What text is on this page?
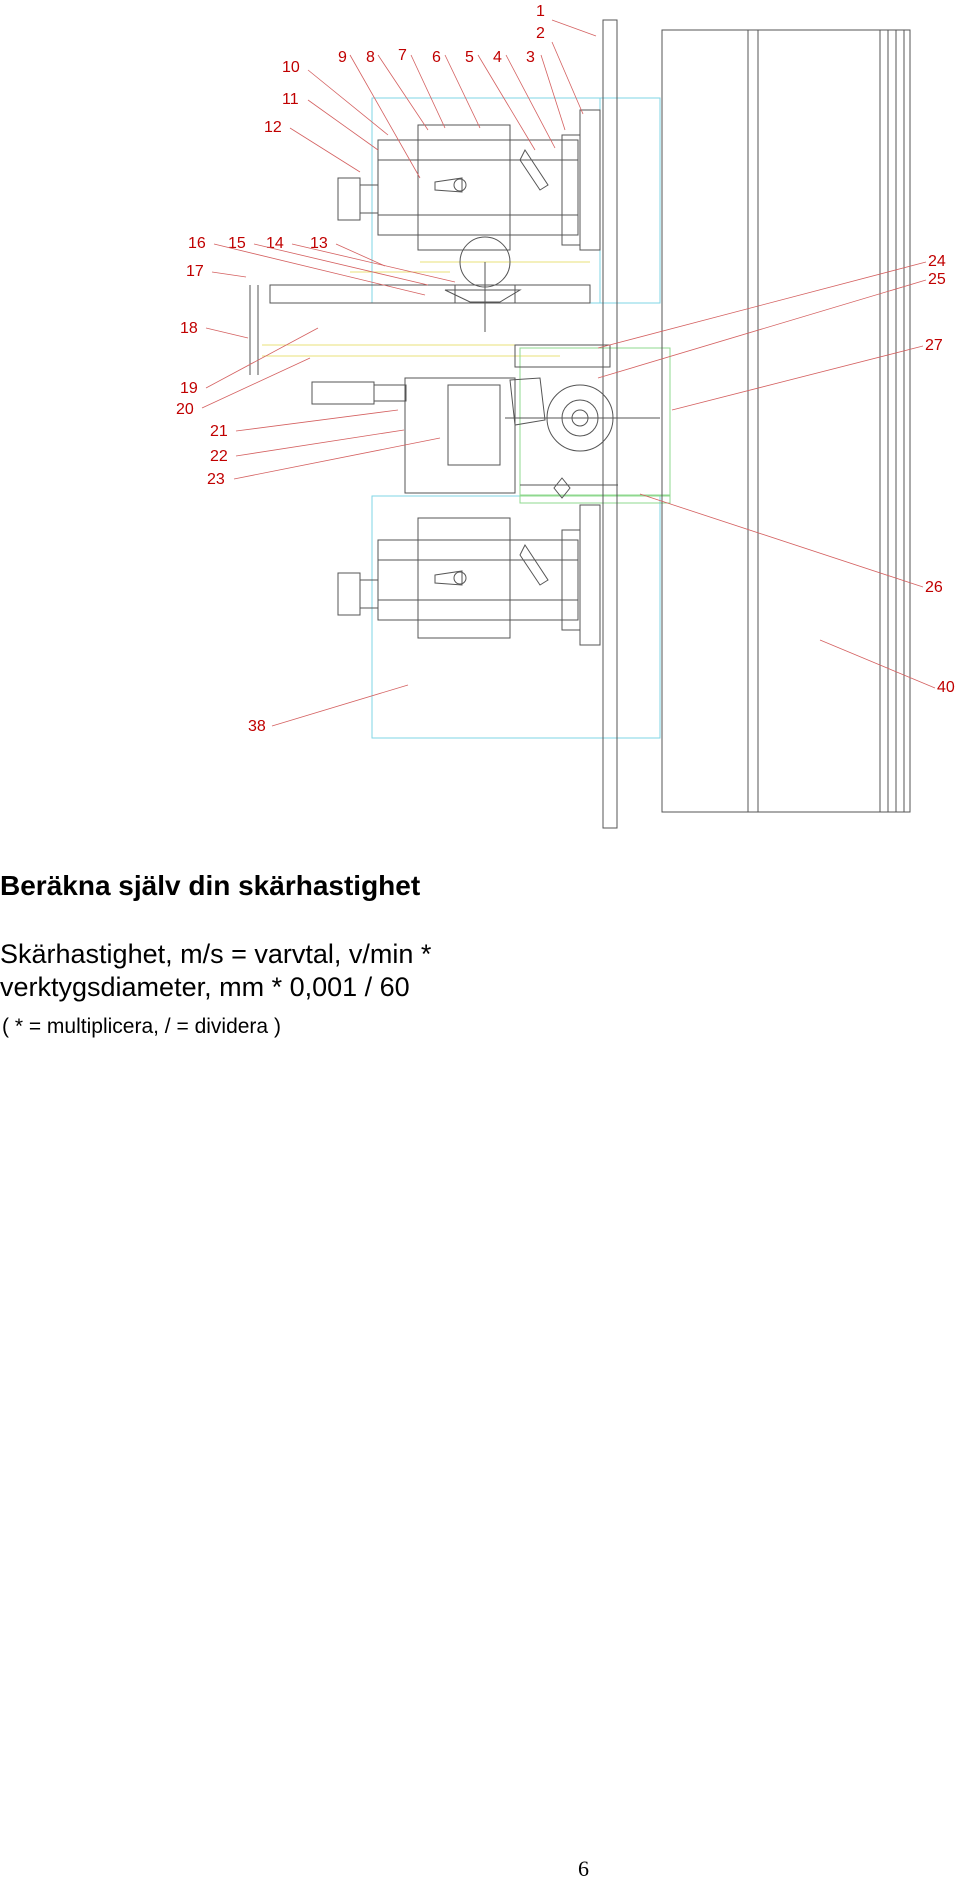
1
2
3
4
5
6
7
8
9
10
11
12
13
14
15
16
17
18
19
20
21
22
23
24
25
26
27
38
40
Beräkna själv din skärhastighet
Skärhastighet, m/s = varvtal, v/min *
verktygsdiameter, mm * 0,001 / 60
( * = multiplicera, / = dividera )
6
